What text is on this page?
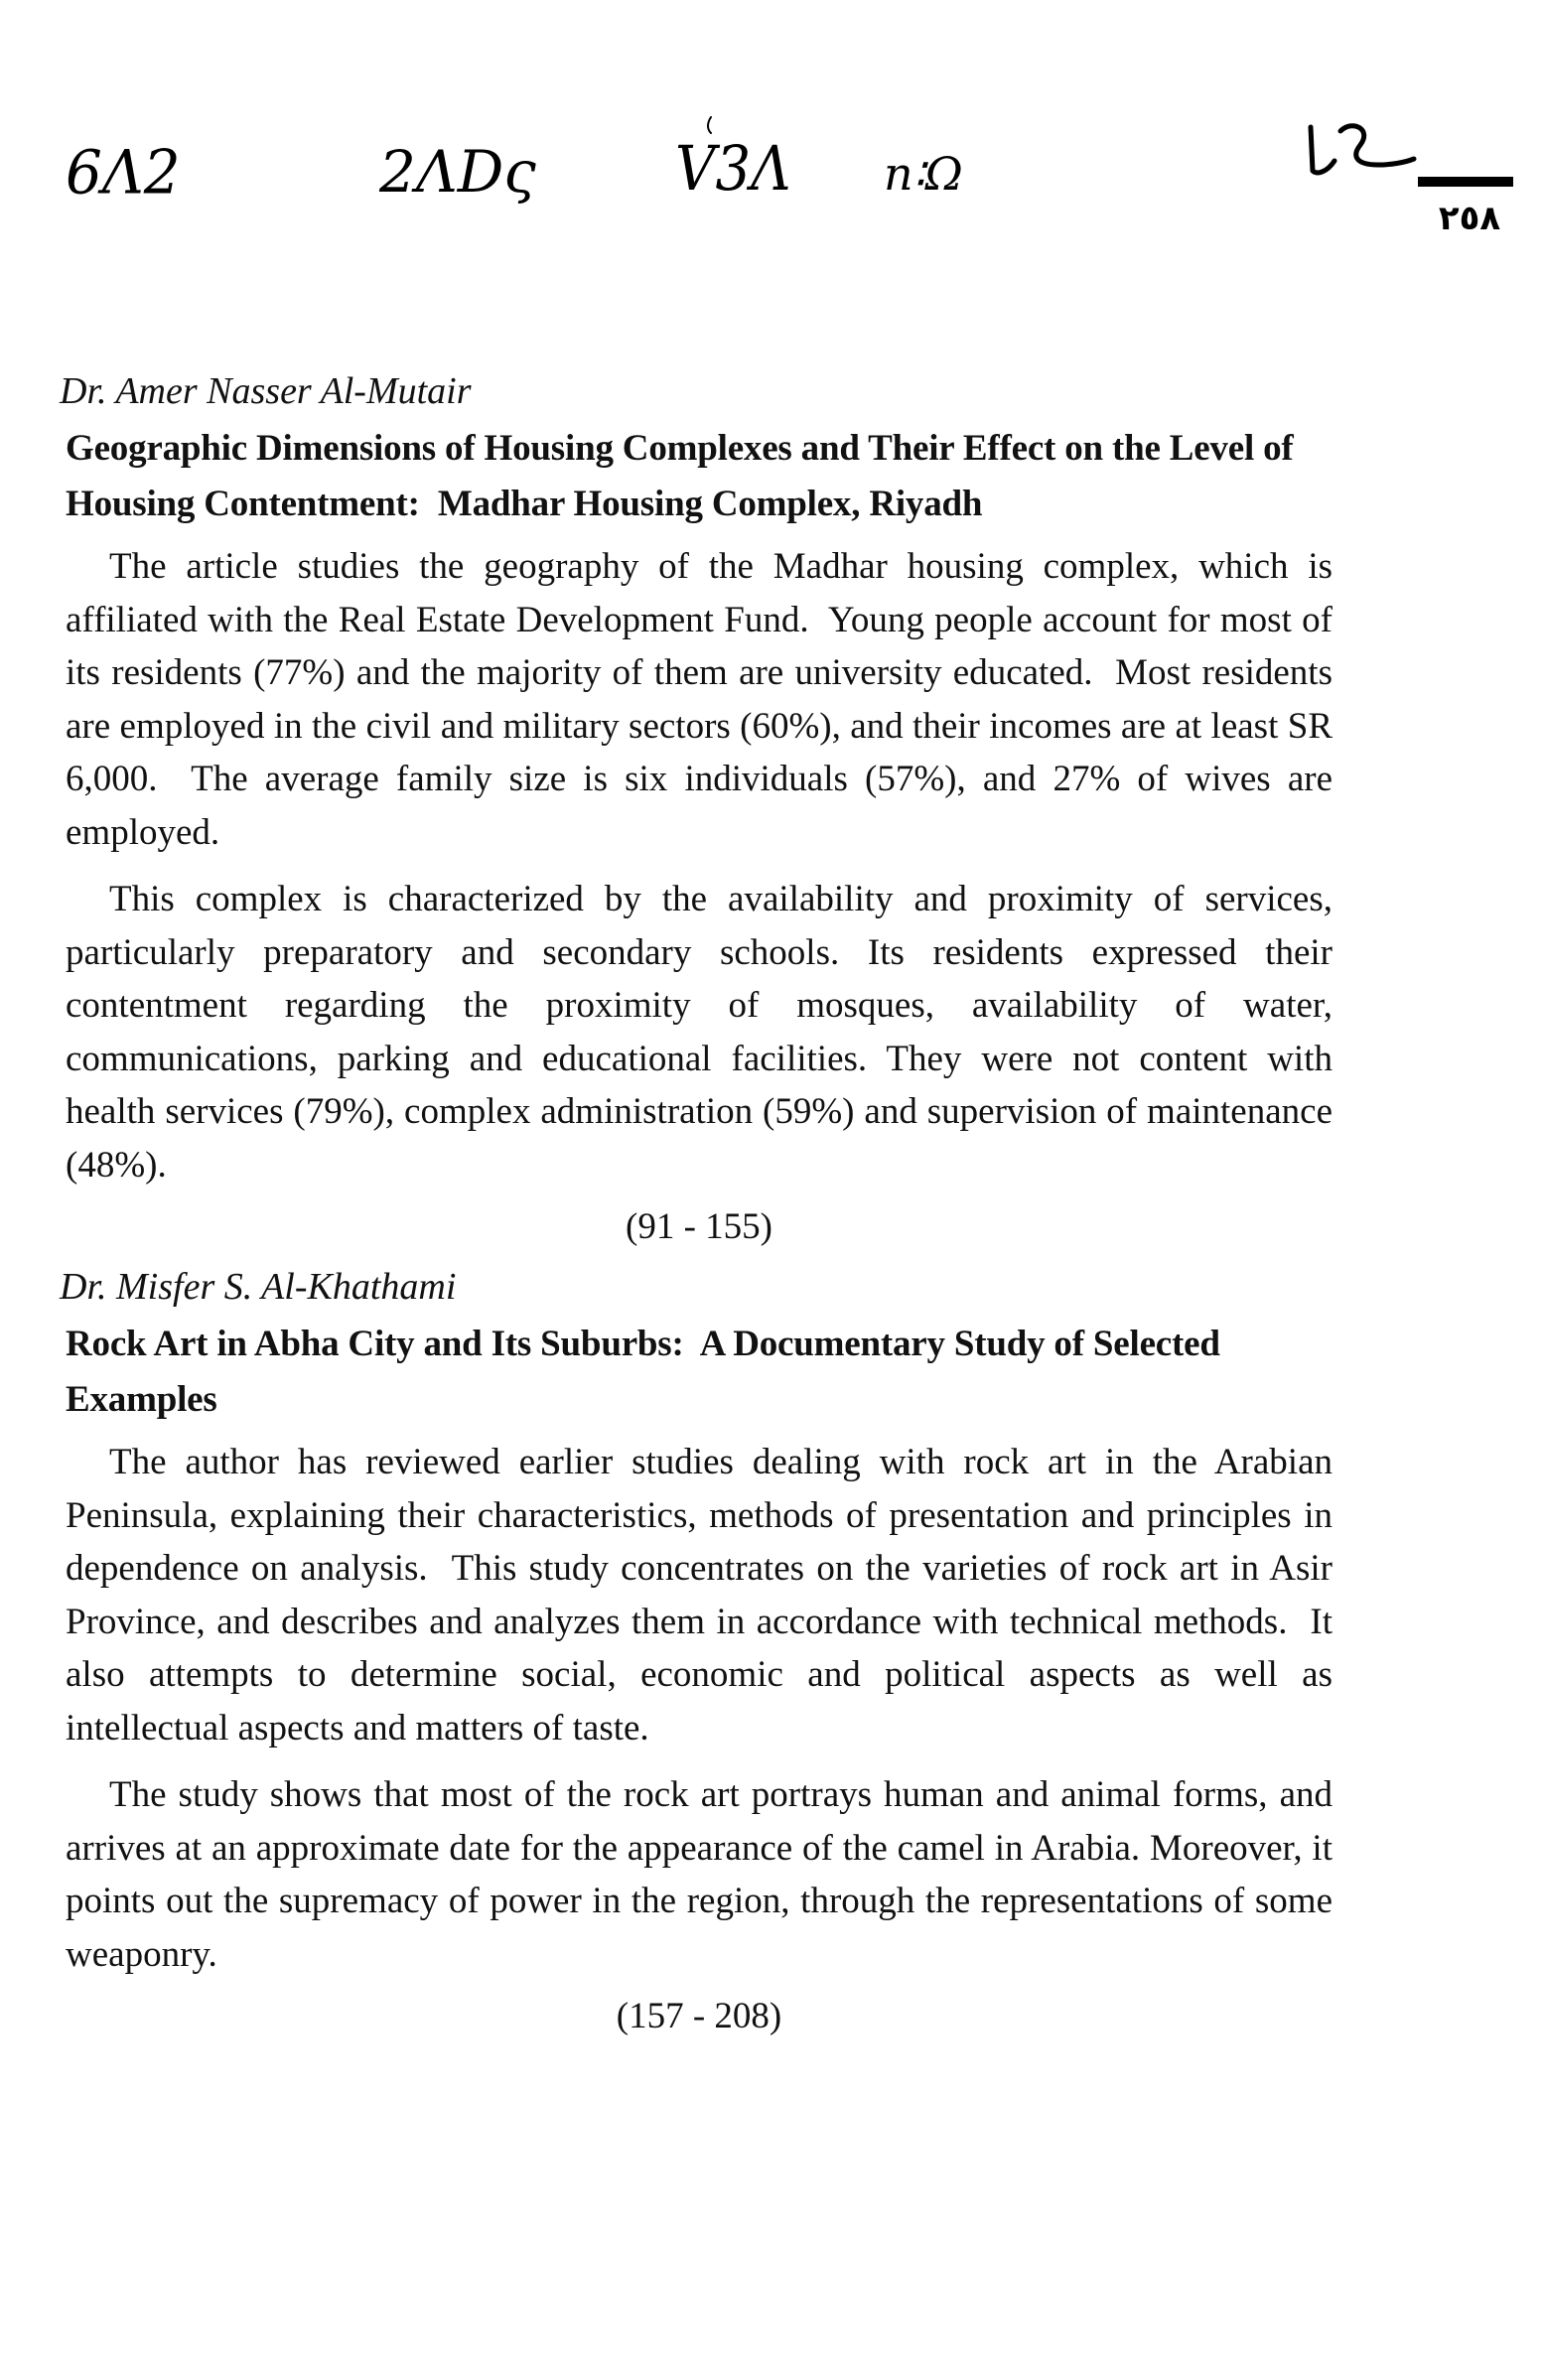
6Λ2	2ΛDς	V3Λ п∶Ω
٢٥٨
Dr. Amer Nasser Al-Mutair
Geographic Dimensions of Housing Complexes and Their Effect on the Level of Housing Contentment:  Madhar Housing Complex, Riyadh

The article studies the geography of the Madhar housing complex, which is affiliated with the Real Estate Development Fund.  Young people account for most of its residents (77%) and the majority of them are university educated.  Most residents are employed in the civil and military sectors (60%), and their incomes are at least SR 6,000.  The average family size is six individuals (57%), and 27% of wives are employed.

This complex is characterized by the availability and proximity of services, particularly preparatory and secondary schools. Its residents expressed their contentment regarding the proximity of mosques, availability of water, communications, parking and educational facilities. They were not content with health services (79%), complex administration (59%) and supervision of maintenance (48%).

(91 - 155)
Dr. Misfer S. Al-Khathami
Rock Art in Abha City and Its Suburbs:  A Documentary Study of Selected Examples

The author has reviewed earlier studies dealing with rock art in the Arabian Peninsula, explaining their characteristics, methods of presentation and principles in dependence on analysis.  This study concentrates on the varieties of rock art in Asir Province, and describes and analyzes them in accordance with technical methods.  It also attempts to determine social, economic and political aspects as well as intellectual aspects and matters of taste.

The study shows that most of the rock art portrays human and animal forms, and arrives at an approximate date for the appearance of the camel in Arabia. Moreover, it points out the supremacy of power in the region, through the representations of some weaponry.

(157 - 208)
